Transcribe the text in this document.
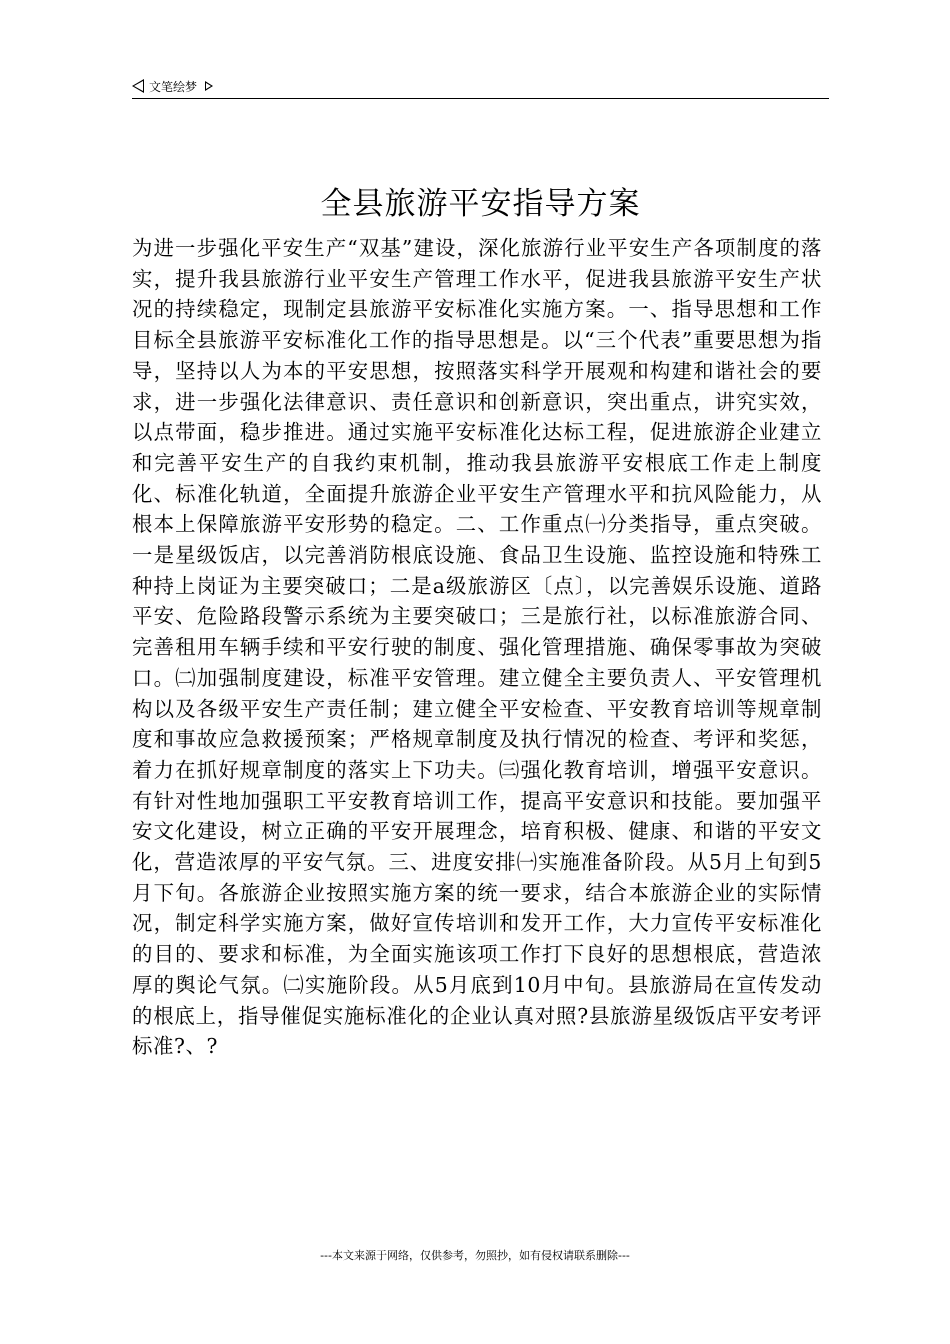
文笔绘梦
全县旅游平安指导方案

为进一步强化平安生产“双基”建设，深化旅游行业平安生产各项制度的落实，提升我县旅游行业平安生产管理工作水平，促进我县旅游平安生产状况的持续稳定，现制定县旅游平安标准化实施方案。一、指导思想和工作目标全县旅游平安标准化工作的指导思想是。以“三个代表”重要思想为指导，坚持以人为本的平安思想，按照落实科学开展观和构建和谐社会的要求，进一步强化法律意识、责任意识和创新意识，突出重点，讲究实效，以点带面，稳步推进。通过实施平安标准化达标工程，促进旅游企业建立和完善平安生产的自我约束机制，推动我县旅游平安根底工作走上制度化、标准化轨道，全面提升旅游企业平安生产管理水平和抗风险能力，从根本上保障旅游平安形势的稳定。二、工作重点㈠分类指导，重点突破。一是星级饭店，以完善消防根底设施、食品卫生设施、监控设施和特殊工种持上岗证为主要突破口；二是a级旅游区〔点〕，以完善娱乐设施、道路平安、危险路段警示系统为主要突破口；三是旅行社，以标准旅游合同、完善租用车辆手续和平安行驶的制度、强化管理措施、确保零事故为突破口。㈡加强制度建设，标准平安管理。建立健全主要负责人、平安管理机构以及各级平安生产责任制；建立健全平安检查、平安教育培训等规章制度和事故应急救援预案；严格规章制度及执行情况的检查、考评和奖惩，着力在抓好规章制度的落实上下功夫。㈢强化教育培训，增强平安意识。有针对性地加强职工平安教育培训工作，提高平安意识和技能。要加强平安文化建设，树立正确的平安开展理念，培育积极、健康、和谐的平安文化，营造浓厚的平安气氛。三、进度安排㈠实施准备阶段。从5月上旬到5月下旬。各旅游企业按照实施方案的统一要求，结合本旅游企业的实际情况，制定科学实施方案，做好宣传培训和发开工作，大力宣传平安标准化的目的、要求和标准，为全面实施该项工作打下良好的思想根底，营造浓厚的舆论气氛。㈡实施阶段。从5月底到10月中旬。县旅游局在宣传发动的根底上，指导催促实施标准化的企业认真对照?县旅游星级饭店平安考评标准?、?

---本文来源于网络，仅供参考，勿照抄，如有侵权请联系删除---
